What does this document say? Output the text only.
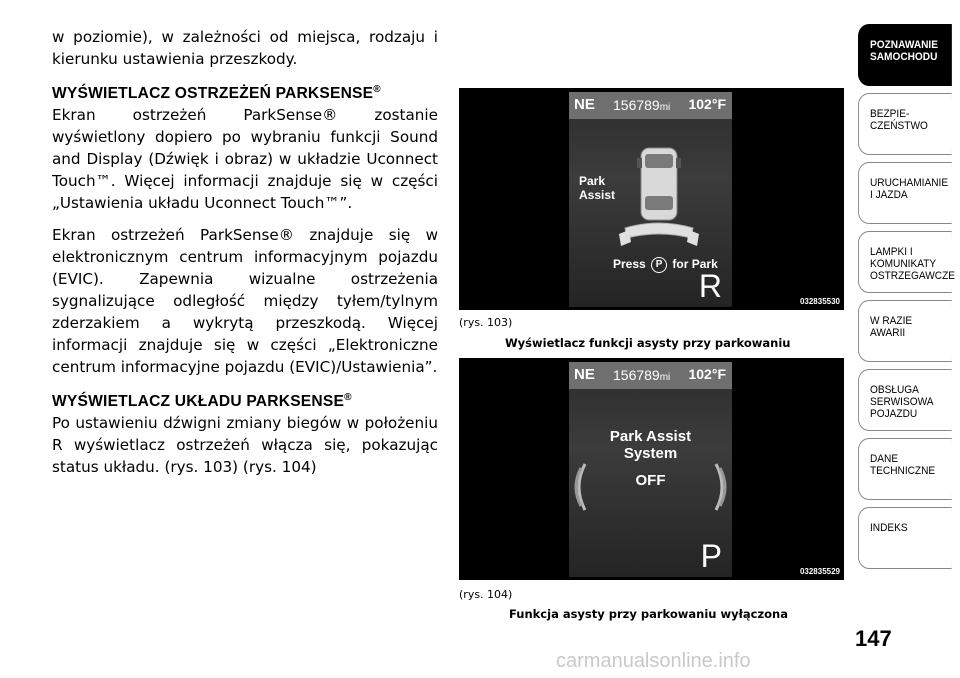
w poziomie), w zależności od miejsca, rodzaju i kierunku ustawienia przeszkody.

WYŚWIETLACZ OSTRZEŻEŃ PARKSENSE®

Ekran ostrzeżeń ParkSense® zostanie wyświetlony dopiero po wybraniu funkcji Sound and Display (Dźwięk i obraz) w układzie Uconnect Touch™. Więcej informacji znajduje się w części „Ustawienia układu Uconnect Touch™”.

Ekran ostrzeżeń ParkSense® znajduje się w elektronicznym centrum informacyjnym pojazdu (EVIC). Zapewnia wizualne ostrzeżenia sygnalizujące odległość między tyłem/tylnym zderzakiem a wykrytą przeszkodą. Więcej informacji znajduje się w części „Elektroniczne centrum informacyjne pojazdu (EVIC)/Ustawienia”.

WYŚWIETLACZ UKŁADU PARKSENSE®

Po ustawieniu dźwigni zmiany biegów w położeniu R wyświetlacz ostrzeżeń włącza się, pokazując status układu. (rys. 103) (rys. 104)

NE 156789mi 102°F
Park
Assist
Press P for Park
R	032835530
(rys. 103)
Wyświetlacz funkcji asysty przy parkowaniu
NE 156789mi 102°F
Park Assist
System
OFF
P	032835529
(rys. 104)
Funkcja asysty przy parkowaniu wyłączona
POZNAWANIE
SAMOCHODU
BEZPIE-
CZEŃSTWO
URUCHAMIANIE
I JAZDA
LAMPKI I
KOMUNIKATY
OSTRZEGAWCZE
W RAZIE
AWARII
OBSŁUGA
SERWISOWA
POJAZDU
DANE
TECHNICZNE
INDEKS
147
carmanualsonline.info
